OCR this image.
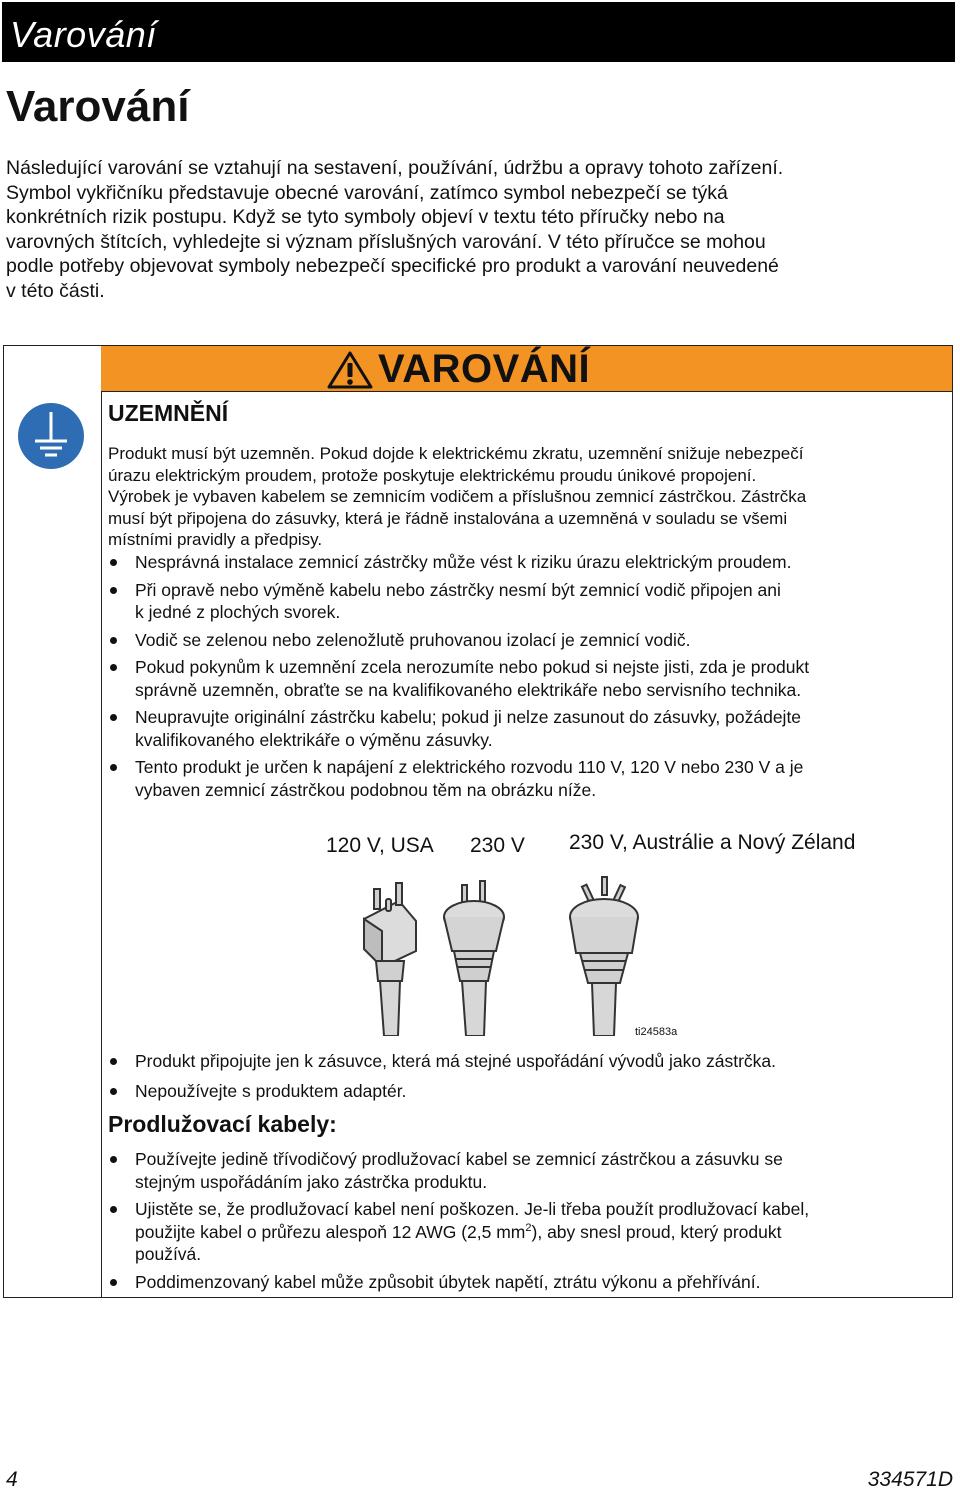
Varování
Varování

Následující varování se vztahují na sestavení, používání, údržbu a opravy tohoto zařízení.
Symbol vykřičníku představuje obecné varování, zatímco symbol nebezpečí se týká
konkrétních rizik postupu. Když se tyto symboly objeví v textu této příručky nebo na
varovných štítcích, vyhledejte si význam příslušných varování. V této příručce se mohou
podle potřeby objevovat symboly nebezpečí specifické pro produkt a varování neuvedené
v této části.

VAROVÁNÍ
UZEMNĚNÍ

Produkt musí být uzemněn. Pokud dojde k elektrickému zkratu, uzemnění snižuje nebezpečí
úrazu elektrickým proudem, protože poskytuje elektrickému proudu únikové propojení.
Výrobek je vybaven kabelem se zemnicím vodičem a příslušnou zemnicí zástrčkou. Zástrčka
musí být připojena do zásuvky, která je řádně instalována a uzemněná v souladu se všemi
místními pravidly a předpisy.

Nesprávná instalace zemnicí zástrčky může vést k riziku úrazu elektrickým proudem.
Při opravě nebo výměně kabelu nebo zástrčky nesmí být zemnicí vodič připojen ani
k jedné z plochých svorek.
Vodič se zelenou nebo zelenožlutě pruhovanou izolací je zemnicí vodič.
Pokud pokynům k uzemnění zcela nerozumíte nebo pokud si nejste jisti, zda je produkt
správně uzemněn, obraťte se na kvalifikovaného elektrikáře nebo servisního technika.
Neupravujte originální zástrčku kabelu; pokud ji nelze zasunout do zásuvky, požádejte
kvalifikovaného elektrikáře o výměnu zásuvky.
Tento produkt je určen k napájení z elektrického rozvodu 110 V, 120 V nebo 230 V a je
vybaven zemnicí zástrčkou podobnou těm na obrázku níže.
120 V, USA 230 V 230 V, Austrálie a Nový Zéland
ti24583a
Produkt připojujte jen k zásuvce, která má stejné uspořádání vývodů jako zástrčka.
Nepoužívejte s produktem adaptér.
Prodlužovací kabely:
Používejte jedině třívodičový prodlužovací kabel se zemnicí zástrčkou a zásuvku se
stejným uspořádáním jako zástrčka produktu.
Ujistěte se, že prodlužovací kabel není poškozen. Je-li třeba použít prodlužovací kabel,
použijte kabel o průřezu alespoň 12 AWG (2,5 $mm^2$), aby snesl proud, který produkt
používá.
Poddimenzovaný kabel může způsobit úbytek napětí, ztrátu výkonu a přehřívání.
4	334571D
